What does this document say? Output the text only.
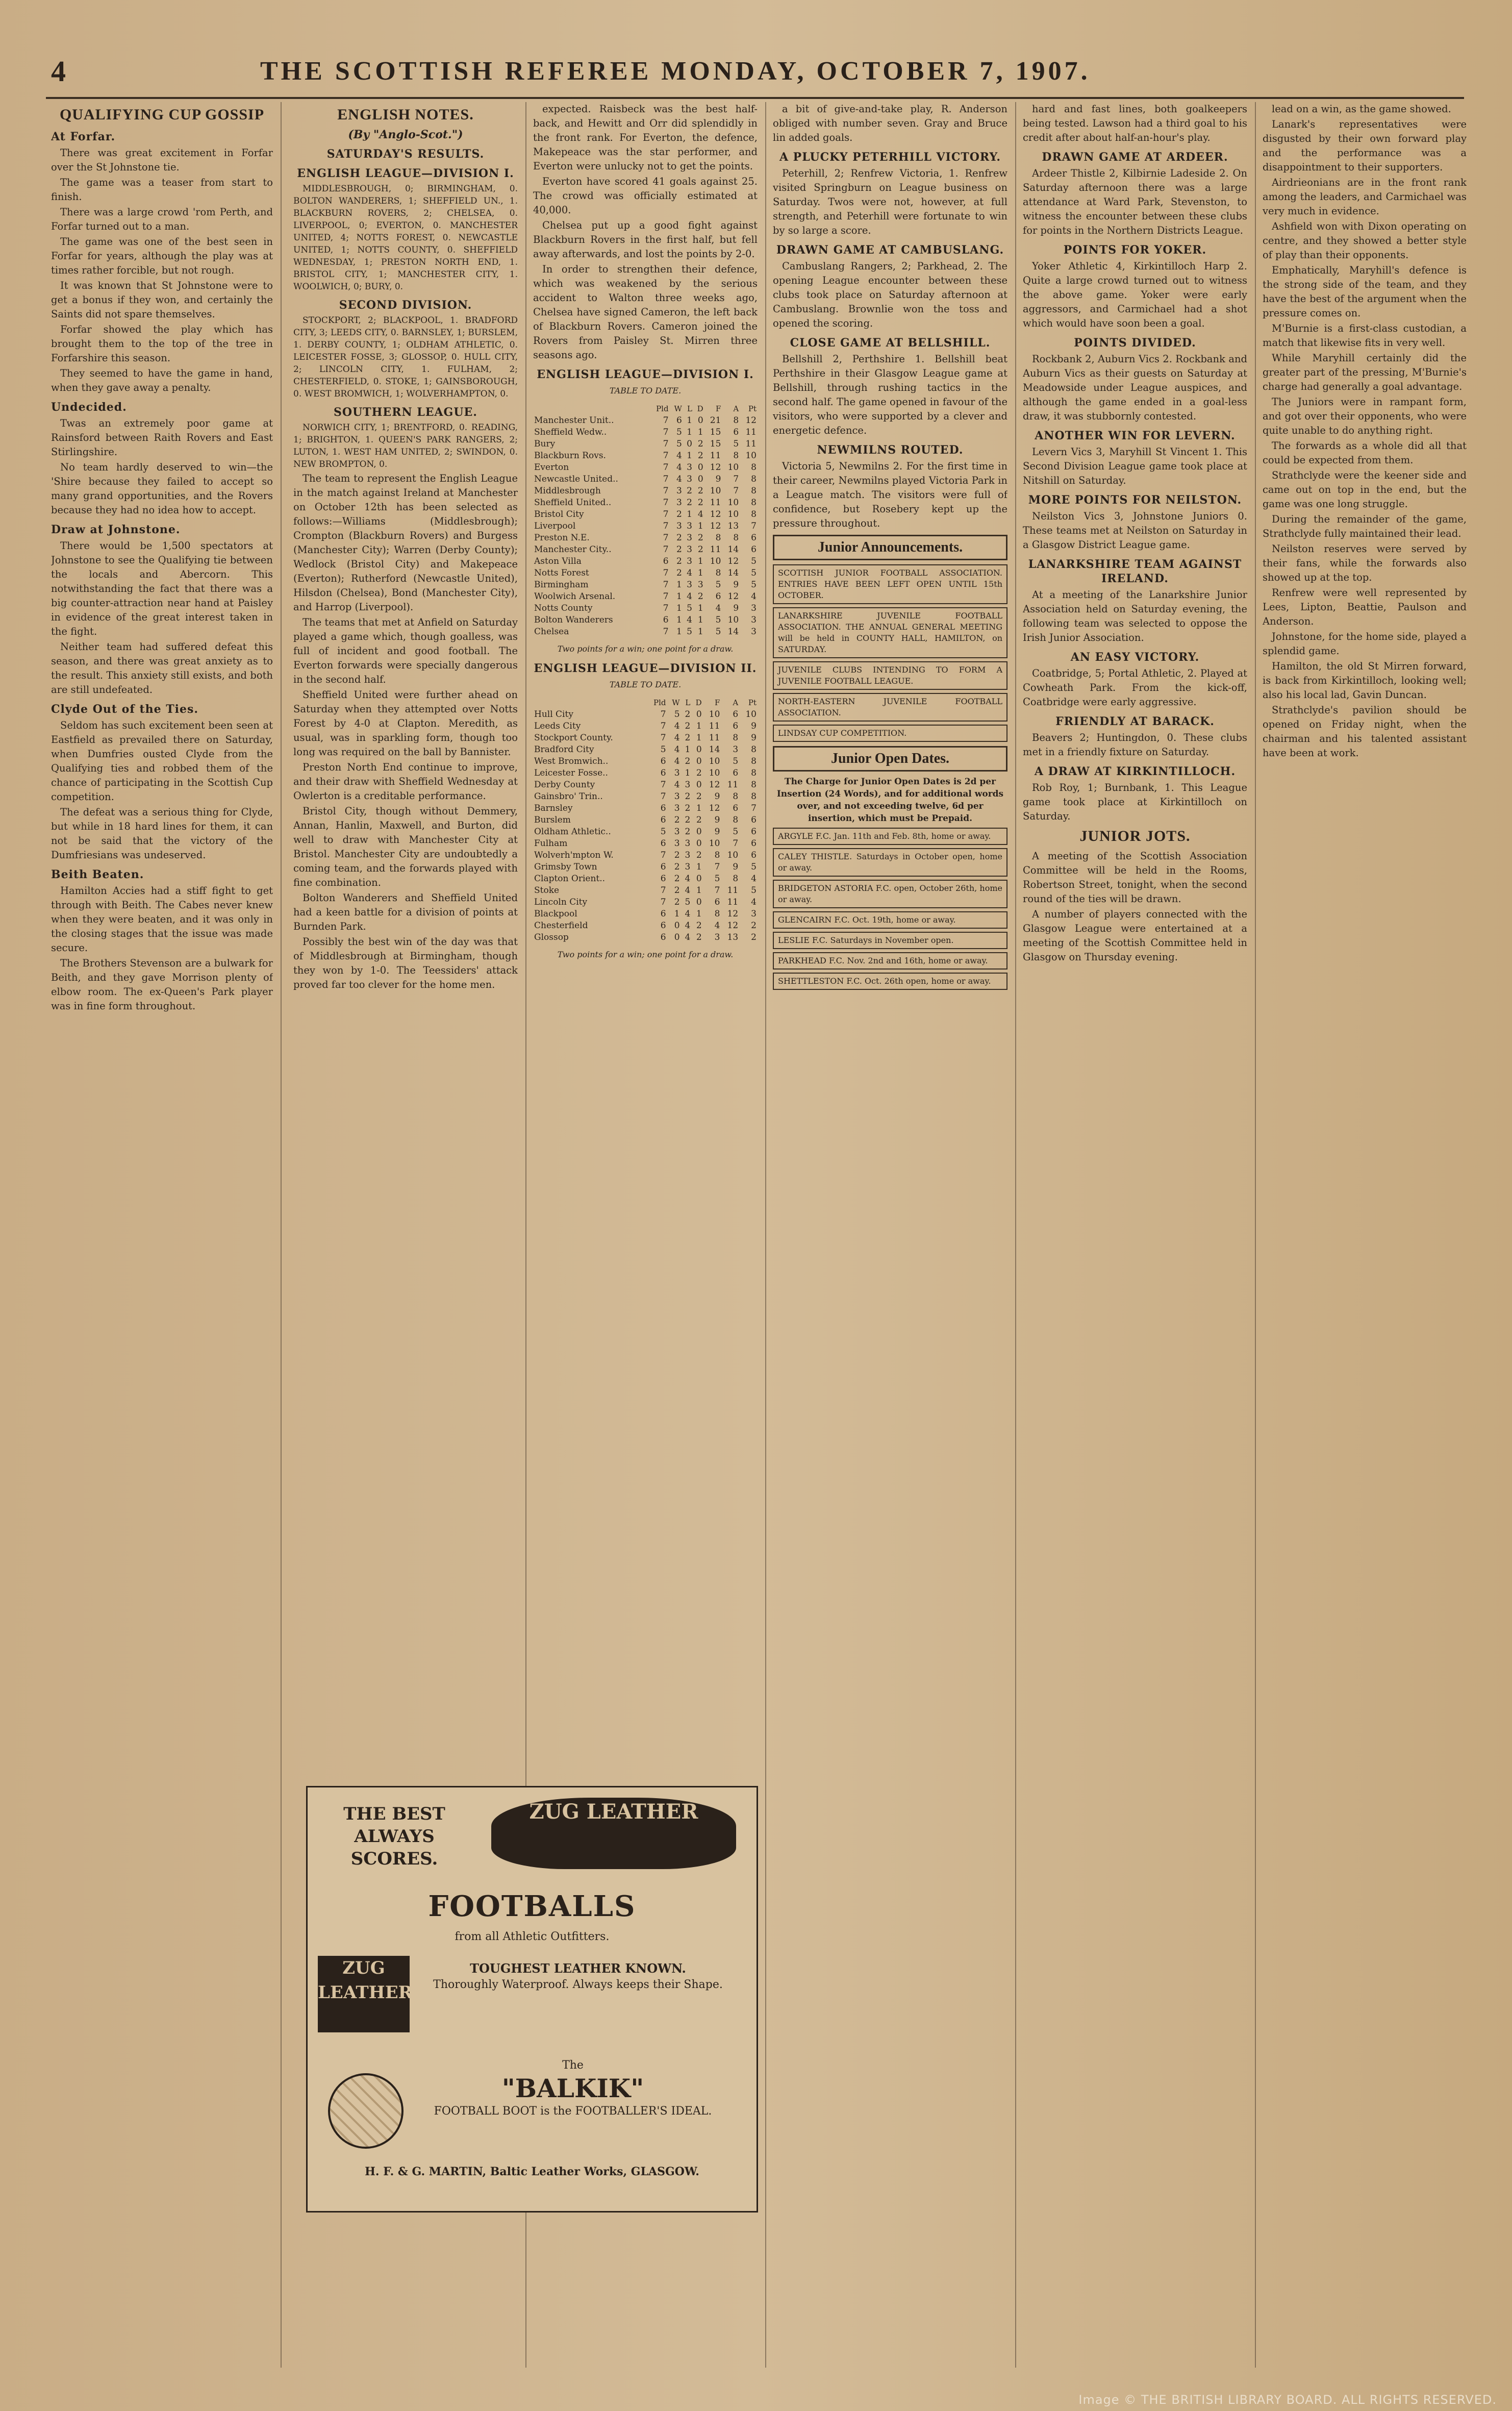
4	THE SCOTTISH REFEREE MONDAY, OCTOBER 7, 1907.
QUALIFYING CUP GOSSIP
At Forfar.

There was great excitement in Forfar over the St Johnstone tie.

The game was a teaser from start to finish.

There was a large crowd 'rom Perth, and Forfar turned out to a man.

The game was one of the best seen in Forfar for years, although the play was at times rather forcible, but not rough.

It was known that St Johnstone were to get a bonus if they won, and certainly the Saints did not spare themselves.

Forfar showed the play which has brought them to the top of the tree in Forfarshire this season.

They seemed to have the game in hand, when they gave away a penalty.

Undecided.

Twas an extremely poor game at Rainsford between Raith Rovers and East Stirlingshire.

No team hardly deserved to win—the 'Shire because they failed to accept so many grand opportunities, and the Rovers because they had no idea how to accept.

Draw at Johnstone.

There would be 1,500 spectators at Johnstone to see the Qualifying tie between the locals and Abercorn. This notwithstanding the fact that there was a big counter-attraction near hand at Paisley in evidence of the great interest taken in the fight.

Neither team had suffered defeat this season, and there was great anxiety as to the result. This anxiety still exists, and both are still undefeated.

Clyde Out of the Ties.

Seldom has such excitement been seen at Eastfield as prevailed there on Saturday, when Dumfries ousted Clyde from the Qualifying ties and robbed them of the chance of participating in the Scottish Cup competition.

The defeat was a serious thing for Clyde, but while in 18 hard lines for them, it can not be said that the victory of the Dumfriesians was undeserved.

Beith Beaten.

Hamilton Accies had a stiff fight to get through with Beith. The Cabes never knew when they were beaten, and it was only in the closing stages that the issue was made secure.

The Brothers Stevenson are a bulwark for Beith, and they gave Morrison plenty of elbow room. The ex-Queen's Park player was in fine form throughout.

ENGLISH NOTES.
(By "Anglo-Scot.")
SATURDAY'S RESULTS.
ENGLISH LEAGUE—DIVISION I.

MIDDLESBROUGH, 0; BIRMINGHAM, 0. BOLTON WANDERERS, 1; SHEFFIELD UN., 1. BLACKBURN ROVERS, 2; CHELSEA, 0. LIVERPOOL, 0; EVERTON, 0. MANCHESTER UNITED, 4; NOTTS FOREST, 0. NEWCASTLE UNITED, 1; NOTTS COUNTY, 0. SHEFFIELD WEDNESDAY, 1; PRESTON NORTH END, 1. BRISTOL CITY, 1; MANCHESTER CITY, 1. WOOLWICH, 0; BURY, 0.

SECOND DIVISION.

STOCKPORT, 2; BLACKPOOL, 1. BRADFORD CITY, 3; LEEDS CITY, 0. BARNSLEY, 1; BURSLEM, 1. DERBY COUNTY, 1; OLDHAM ATHLETIC, 0. LEICESTER FOSSE, 3; GLOSSOP, 0. HULL CITY, 2; LINCOLN CITY, 1. FULHAM, 2; CHESTERFIELD, 0. STOKE, 1; GAINSBOROUGH, 0. WEST BROMWICH, 1; WOLVERHAMPTON, 0.

SOUTHERN LEAGUE.

NORWICH CITY, 1; BRENTFORD, 0. READING, 1; BRIGHTON, 1. QUEEN'S PARK RANGERS, 2; LUTON, 1. WEST HAM UNITED, 2; SWINDON, 0. NEW BROMPTON, 0.

The team to represent the English League in the match against Ireland at Manchester on October 12th has been selected as follows:—Williams (Middlesbrough); Crompton (Blackburn Rovers) and Burgess (Manchester City); Warren (Derby County); Wedlock (Bristol City) and Makepeace (Everton); Rutherford (Newcastle United), Hilsdon (Chelsea), Bond (Manchester City), and Harrop (Liverpool).

The teams that met at Anfield on Saturday played a game which, though goalless, was full of incident and good football. The Everton forwards were specially dangerous in the second half.

Sheffield United were further ahead on Saturday when they attempted over Notts Forest by 4-0 at Clapton. Meredith, as usual, was in sparkling form, though too long was required on the ball by Bannister.

Preston North End continue to improve, and their draw with Sheffield Wednesday at Owlerton is a creditable performance.

Bristol City, though without Demmery, Annan, Hanlin, Maxwell, and Burton, did well to draw with Manchester City at Bristol. Manchester City are undoubtedly a coming team, and the forwards played with fine combination.

Bolton Wanderers and Sheffield United had a keen battle for a division of points at Burnden Park.

Possibly the best win of the day was that of Middlesbrough at Birmingham, though they won by 1-0. The Teessiders' attack proved far too clever for the home men.

expected. Raisbeck was the best half-back, and Hewitt and Orr did splendidly in the front rank. For Everton, the defence, Makepeace was the star performer, and Everton were unlucky not to get the points.

Everton have scored 41 goals against 25. The crowd was officially estimated at 40,000.

Chelsea put up a good fight against Blackburn Rovers in the first half, but fell away afterwards, and lost the points by 2-0.

In order to strengthen their defence, which was weakened by the serious accident to Walton three weeks ago, Chelsea have signed Cameron, the left back of Blackburn Rovers. Cameron joined the Rovers from Paisley St. Mirren three seasons ago.

ENGLISH LEAGUE—DIVISION I.
TABLE TO DATE.
	Pld	W	L	D	F	A	Pt
Manchester Unit..	7	6	1	0	21	8	12
Sheffield Wedw..	7	5	1	1	15	6	11
Bury	7	5	0	2	15	5	11
Blackburn Rovs.	7	4	1	2	11	8	10
Everton	7	4	3	0	12	10	8
Newcastle United..	7	4	3	0	9	7	8
Middlesbrough	7	3	2	2	10	7	8
Sheffield United..	7	3	2	2	11	10	8
Bristol City	7	2	1	4	12	10	8
Liverpool	7	3	3	1	12	13	7
Preston N.E.	7	2	3	2	8	8	6
Manchester City..	7	2	3	2	11	14	6
Aston Villa	6	2	3	1	10	12	5
Notts Forest	7	2	4	1	8	14	5
Birmingham	7	1	3	3	5	9	5
Woolwich Arsenal.	7	1	4	2	6	12	4
Notts County	7	1	5	1	4	9	3
Bolton Wanderers	6	1	4	1	5	10	3
Chelsea	7	1	5	1	5	14	3
Two points for a win; one point for a draw.
ENGLISH LEAGUE—DIVISION II.
TABLE TO DATE.
	Pld	W	L	D	F	A	Pt
Hull City	7	5	2	0	10	6	10
Leeds City	7	4	2	1	11	6	9
Stockport County.	7	4	2	1	11	8	9
Bradford City	5	4	1	0	14	3	8
West Bromwich..	6	4	2	0	10	5	8
Leicester Fosse..	6	3	1	2	10	6	8
Derby County	7	4	3	0	12	11	8
Gainsbro' Trin..	7	3	2	2	9	8	8
Barnsley	6	3	2	1	12	6	7
Burslem	6	2	2	2	9	8	6
Oldham Athletic..	5	3	2	0	9	5	6
Fulham	6	3	3	0	10	7	6
Wolverh'mpton W.	7	2	3	2	8	10	6
Grimsby Town	6	2	3	1	7	9	5
Clapton Orient..	6	2	4	0	5	8	4
Stoke	7	2	4	1	7	11	5
Lincoln City	7	2	5	0	6	11	4
Blackpool	6	1	4	1	8	12	3
Chesterfield	6	0	4	2	4	12	2
Glossop	6	0	4	2	3	13	2
Two points for a win; one point for a draw.

a bit of give-and-take play, R. Anderson obliged with number seven. Gray and Bruce lin added goals.

A PLUCKY PETERHILL VICTORY.

Peterhill, 2; Renfrew Victoria, 1. Renfrew visited Springburn on League business on Saturday. Twos were not, however, at full strength, and Peterhill were fortunate to win by so large a score.

DRAWN GAME AT CAMBUSLANG.

Cambuslang Rangers, 2; Parkhead, 2. The opening League encounter between these clubs took place on Saturday afternoon at Cambuslang. Brownlie won the toss and opened the scoring.

CLOSE GAME AT BELLSHILL.

Bellshill 2, Perthshire 1. Bellshill beat Perthshire in their Glasgow League game at Bellshill, through rushing tactics in the second half. The game opened in favour of the visitors, who were supported by a clever and energetic defence.

NEWMILNS ROUTED.

Victoria 5, Newmilns 2. For the first time in their career, Newmilns played Victoria Park in a League match. The visitors were full of confidence, but Rosebery kept up the pressure throughout.

Junior Announcements.
SCOTTISH JUNIOR FOOTBALL ASSOCIATION. ENTRIES HAVE BEEN LEFT OPEN UNTIL 15th OCTOBER.
LANARKSHIRE JUVENILE FOOTBALL ASSOCIATION. THE ANNUAL GENERAL MEETING will be held in COUNTY HALL, HAMILTON, on SATURDAY.
JUVENILE CLUBS INTENDING TO FORM A JUVENILE FOOTBALL LEAGUE.
NORTH-EASTERN JUVENILE FOOTBALL ASSOCIATION.
LINDSAY CUP COMPETITION.
Junior Open Dates.

The Charge for Junior Open Dates is 2d per Insertion (24 Words), and for additional words over, and not exceeding twelve, 6d per insertion, which must be Prepaid.

ARGYLE F.C. Jan. 11th and Feb. 8th, home or away.
CALEY THISTLE. Saturdays in October open, home or away.
BRIDGETON ASTORIA F.C. open, October 26th, home or away.
GLENCAIRN F.C. Oct. 19th, home or away.
LESLIE F.C. Saturdays in November open.
PARKHEAD F.C. Nov. 2nd and 16th, home or away.
SHETTLESTON F.C. Oct. 26th open, home or away.

hard and fast lines, both goalkeepers being tested. Lawson had a third goal to his credit after about half-an-hour's play.

DRAWN GAME AT ARDEER.

Ardeer Thistle 2, Kilbirnie Ladeside 2. On Saturday afternoon there was a large attendance at Ward Park, Stevenston, to witness the encounter between these clubs for points in the Northern Districts League.

POINTS FOR YOKER.

Yoker Athletic 4, Kirkintilloch Harp 2. Quite a large crowd turned out to witness the above game. Yoker were early aggressors, and Carmichael had a shot which would have soon been a goal.

POINTS DIVIDED.

Rockbank 2, Auburn Vics 2. Rockbank and Auburn Vics as their guests on Saturday at Meadowside under League auspices, and although the game ended in a goal-less draw, it was stubbornly contested.

ANOTHER WIN FOR LEVERN.

Levern Vics 3, Maryhill St Vincent 1. This Second Division League game took place at Nitshill on Saturday.

MORE POINTS FOR NEILSTON.

Neilston Vics 3, Johnstone Juniors 0. These teams met at Neilston on Saturday in a Glasgow District League game.

LANARKSHIRE TEAM AGAINST IRELAND.

At a meeting of the Lanarkshire Junior Association held on Saturday evening, the following team was selected to oppose the Irish Junior Association.

AN EASY VICTORY.

Coatbridge, 5; Portal Athletic, 2. Played at Cowheath Park. From the kick-off, Coatbridge were early aggressive.

FRIENDLY AT BARACK.

Beavers 2; Huntingdon, 0. These clubs met in a friendly fixture on Saturday.

A DRAW AT KIRKINTILLOCH.

Rob Roy, 1; Burnbank, 1. This League game took place at Kirkintilloch on Saturday.

JUNIOR JOTS.

A meeting of the Scottish Association Committee will be held in the Rooms, Robertson Street, tonight, when the second round of the ties will be drawn.

A number of players connected with the Glasgow League were entertained at a meeting of the Scottish Committee held in Glasgow on Thursday evening.

lead on a win, as the game showed.

Lanark's representatives were disgusted by their own forward play and the performance was a disappointment to their supporters.

Airdrieonians are in the front rank among the leaders, and Carmichael was very much in evidence.

Ashfield won with Dixon operating on centre, and they showed a better style of play than their opponents.

Emphatically, Maryhill's defence is the strong side of the team, and they have the best of the argument when the pressure comes on.

M'Burnie is a first-class custodian, a match that likewise fits in very well.

While Maryhill certainly did the greater part of the pressing, M'Burnie's charge had generally a goal advantage.

The Juniors were in rampant form, and got over their opponents, who were quite unable to do anything right.

The forwards as a whole did all that could be expected from them.

Strathclyde were the keener side and came out on top in the end, but the game was one long struggle.

During the remainder of the game, Strathclyde fully maintained their lead.

Neilston reserves were served by their fans, while the forwards also showed up at the top.

Renfrew were well represented by Lees, Lipton, Beattie, Paulson and Anderson.

Johnstone, for the home side, played a splendid game.

Hamilton, the old St Mirren forward, is back from Kirkintilloch, looking well; also his local lad, Gavin Duncan.

Strathclyde's pavilion should be opened on Friday night, when the chairman and his talented assistant have been at work.

THE BEST ALWAYS SCORES.
ZUG LEATHER
FOOTBALLS
from all Athletic Outfitters.
ZUG LEATHER
TOUGHEST LEATHER KNOWN.
Thoroughly Waterproof. Always keeps their Shape.
The
"BALKIK"
FOOTBALL BOOT is the FOOTBALLER'S IDEAL.
H. F. & G. MARTIN, Baltic Leather Works, GLASGOW.
Image © THE BRITISH LIBRARY BOARD. ALL RIGHTS RESERVED.
